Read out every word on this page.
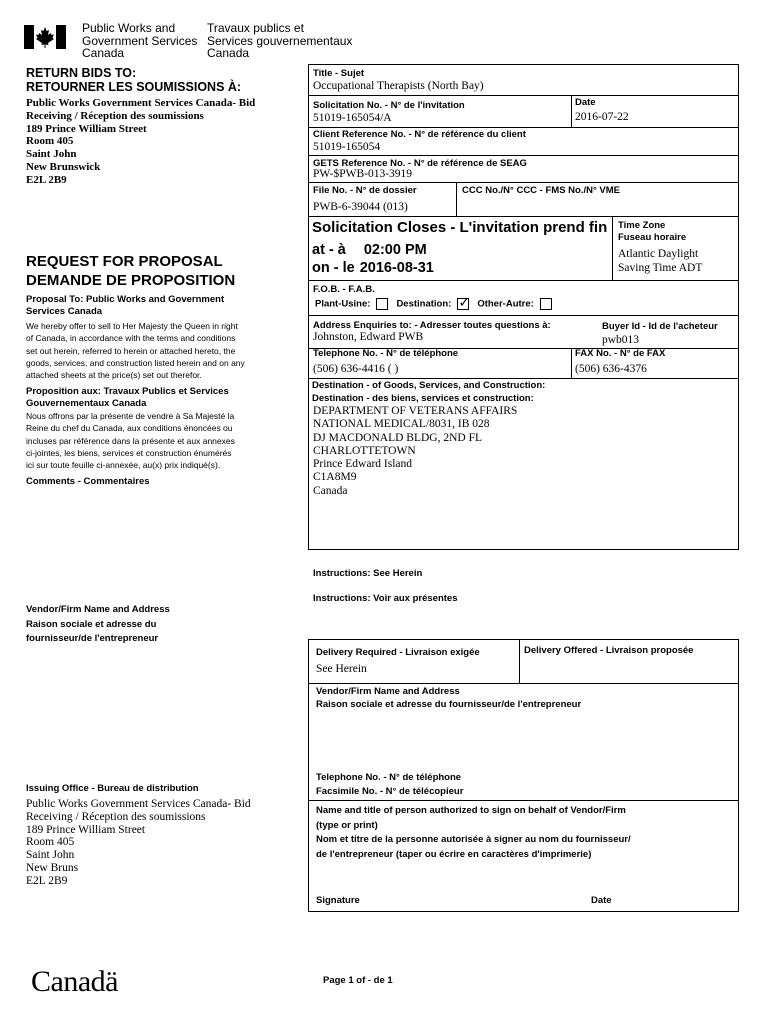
Public Works and
Government Services
Canada
Travaux publics et
Services gouvernementaux
Canada
RETURN BIDS TO:
RETOURNER LES SOUMISSIONS À:
Public Works Government Services Canada- Bid
Receiving / Réception des soumissions
189 Prince William Street
Room 405
Saint John
New Brunswick
E2L 2B9
REQUEST FOR PROPOSAL
DEMANDE DE PROPOSITION
Proposal To: Public Works and Government
Services Canada
We hereby offer to sell to Her Majesty the Queen in right
of Canada, in accordance with the terms and conditions
set out herein, referred to herein or attached hereto, the
goods, services, and construction listed herein and on any
attached sheets at the price(s) set out therefor.
Proposition aux: Travaux Publics et Services
Gouvernementaux Canada
Nous offrons par la présente de vendre à Sa Majesté la
Reine du chef du Canada, aux conditions énoncées ou
incluses par référence dans la présente et aux annexes
ci-jointes, les biens, services et construction énumérés
ici sur toute feuille ci-annexée, au(x) prix indiqué(s).
Comments - Commentaires
Vendor/Firm Name and Address
Raison sociale et adresse du
fournisseur/de l'entrepreneur
Issuing Office - Bureau de distribution
Public Works Government Services Canada- Bid
Receiving / Réception des soumissions
189 Prince William Street
Room 405
Saint John
New Bruns
E2L 2B9
Title - Sujet
Occupational Therapists (North Bay)
Solicitation No. - N° de l'invitation
51019-165054/A
Date
2016-07-22
Client Reference No. - N° de référence du client
51019-165054
GETS Reference No. - N° de référence de SEAG
PW-$PWB-013-3919
File No. - N° de dossier
PWB-6-39044 (013)
CCC No./N° CCC - FMS No./N° VME
Solicitation Closes - L'invitation prend fin
at - à 02:00 PM
on - le 2016-08-31
Time Zone
Fuseau horaire
Atlantic Daylight
Saving Time ADT
F.O.B. - F.A.B.
Plant-Usine:	Destination:✓	Other-Autre:
Address Enquiries to: - Adresser toutes questions à:
Johnston, Edward PWB
Buyer Id - Id de l'acheteur
pwb013
Telephone No. - N° de téléphone
(506) 636-4416 ( )
FAX No. - N° de FAX
(506) 636-4376
Destination - of Goods, Services, and Construction:
Destination - des biens, services et construction:
DEPARTMENT OF VETERANS AFFAIRS
NATIONAL MEDICAL/8031, IB 028
DJ MACDONALD BLDG, 2ND FL
CHARLOTTETOWN
Prince Edward Island
C1A8M9
Canada
Instructions: See Herein
Instructions: Voir aux présentes
Delivery Required - Livraison exigée
See Herein
Delivery Offered - Livraison proposée
Vendor/Firm Name and Address
Raison sociale et adresse du fournisseur/de l'entrepreneur
Telephone No. - N° de téléphone
Facsimile No. - N° de télécopieur
Name and title of person authorized to sign on behalf of Vendor/Firm
(type or print)
Nom et titre de la personne autorisée à signer au nom du fournisseur/
de l'entrepreneur (taper ou écrire en caractères d'imprimerie)
Signature	Date
Canadä	Page 1 of - de 1
